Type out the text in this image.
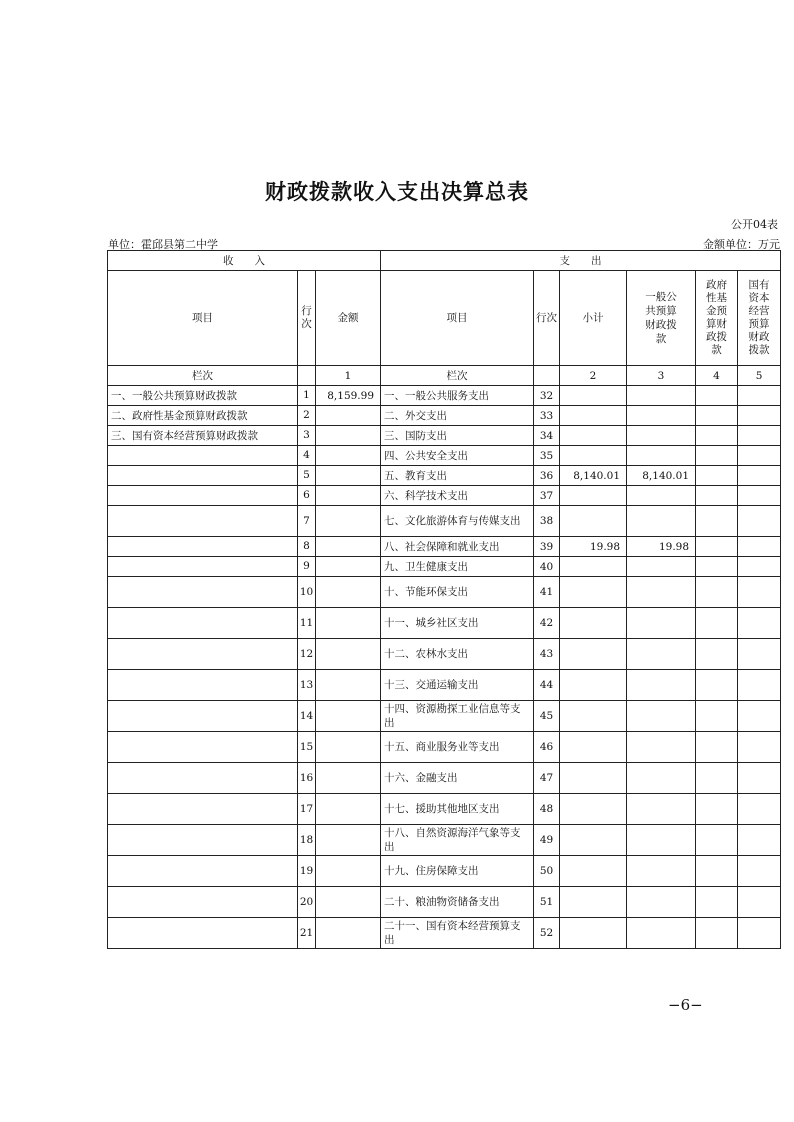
财政拨款收入支出决算总表
公开04表
单位：霍邱县第二中学	金额单位：万元
收　　入			支　　出					
项目	行次	金额	项目	行次	小计	一般公共预算财政拨款	政府性基金预算财政拨款	国有资本经营预算财政拨款
栏次		1	栏次		2	3	4	5
一、一般公共预算财政拨款	1	8,159.99	一、一般公共服务支出	32				
二、政府性基金预算财政拨款	2		二、外交支出	33				
三、国有资本经营预算财政拨款	3		三、国防支出	34				
	4		四、公共安全支出	35				
	5		五、教育支出	36	8,140.01	8,140.01		
	6		六、科学技术支出	37				
	7		七、文化旅游体育与传媒支出	38				
	8		八、社会保障和就业支出	39	19.98	19.98		
	9		九、卫生健康支出	40				
	10		十、节能环保支出	41				
	11		十一、城乡社区支出	42				
	12		十二、农林水支出	43				
	13		十三、交通运输支出	44				
	14		十四、资源勘探工业信息等支出	45				
	15		十五、商业服务业等支出	46				
	16		十六、金融支出	47				
	17		十七、援助其他地区支出	48				
	18		十八、自然资源海洋气象等支出	49				
	19		十九、住房保障支出	50				
	20		二十、粮油物资储备支出	51				
	21		二十一、国有资本经营预算支出	52				
−6−
